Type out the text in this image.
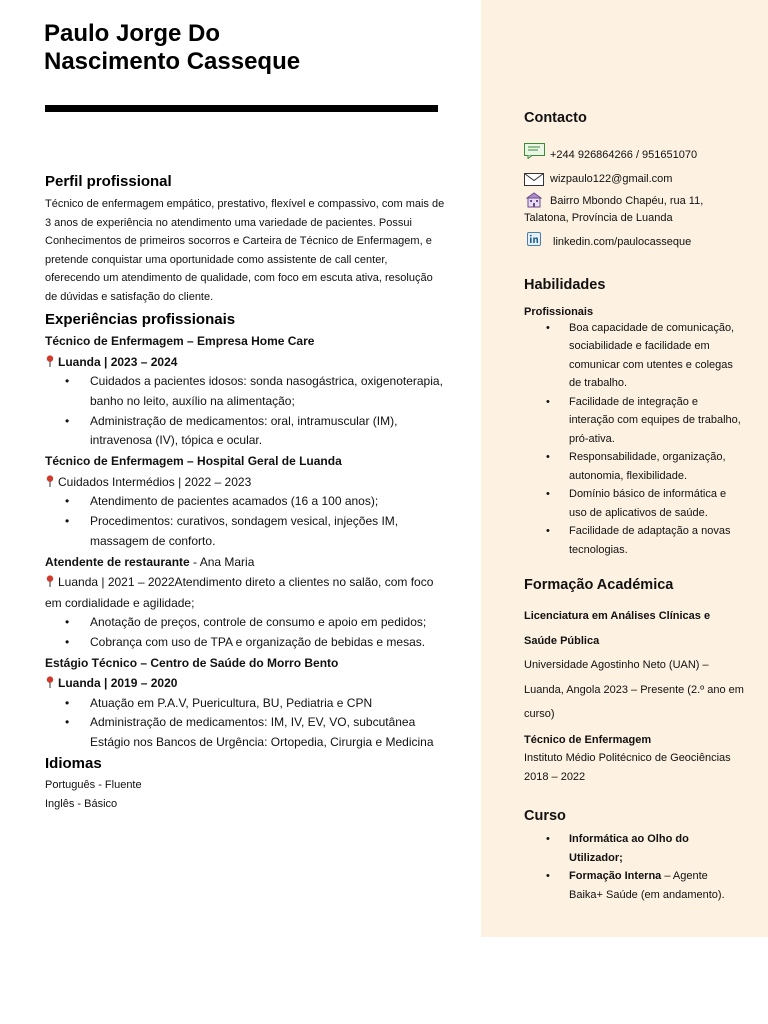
Paulo Jorge Do
Nascimento Casseque
Perfil profissional

Técnico de enfermagem empático, prestativo, flexível e compassivo, com mais de 3 anos de experiência no atendimento uma variedade de pacientes. Possui Conhecimentos de primeiros socorros e Carteira de Técnico de Enfermagem, e pretende conquistar uma oportunidade como assistente de call center, oferecendo um atendimento de qualidade, com foco em escuta ativa, resolução de dúvidas e satisfação do cliente.

Experiências profissionais
Técnico de Enfermagem – Empresa Home Care
Luanda | 2023 – 2024
• Cuidados a pacientes idosos: sonda nasogástrica, oxigenoterapia, banho no leito, auxílio na alimentação;
• Administração de medicamentos: oral, intramuscular (IM), intravenosa (IV), tópica e ocular.
Técnico de Enfermagem – Hospital Geral de Luanda
Cuidados Intermédios | 2022 – 2023
• Atendimento de pacientes acamados (16 a 100 anos);
• Procedimentos: curativos, sondagem vesical, injeções IM, massagem de conforto.
Atendente de restaurante - Ana Maria
Luanda | 2021 – 2022Atendimento direto a clientes no salão, com foco em cordialidade e agilidade;
• Anotação de preços, controle de consumo e apoio em pedidos;
• Cobrança com uso de TPA e organização de bebidas e mesas.
Estágio Técnico – Centro de Saúde do Morro Bento
Luanda | 2019 – 2020
• Atuação em P.A.V, Puericultura, BU, Pediatria e CPN
• Administração de medicamentos: IM, IV, EV, VO, subcutânea Estágio nos Bancos de Urgência: Ortopedia, Cirurgia e Medicina
Idiomas
Português - Fluente
Inglês - Básico
Contacto
+244 926864266 / 951651070
wizpaulo122@gmail.com
Bairro Mbondo Chapéu, rua 11, Talatona, Província de Luanda
linkedin.com/paulocasseque
Habilidades
Profissionais
• Boa capacidade de comunicação, sociabilidade e facilidade em comunicar com utentes e colegas de trabalho.
• Facilidade de integração e interação com equipes de trabalho, pró-ativa.
• Responsabilidade, organização, autonomia, flexibilidade.
• Domínio básico de informática e uso de aplicativos de saúde.
• Facilidade de adaptação a novas tecnologias.
Formação Académica
Licenciatura em Análises Clínicas e Saúde Pública
Universidade Agostinho Neto (UAN) – Luanda, Angola 2023 – Presente (2.º ano em curso)
Técnico de Enfermagem
Instituto Médio Politécnico de Geociências 2018 – 2022
Curso
• Informática ao Olho do Utilizador;
• Formação Interna – Agente Baika+ Saúde (em andamento).
